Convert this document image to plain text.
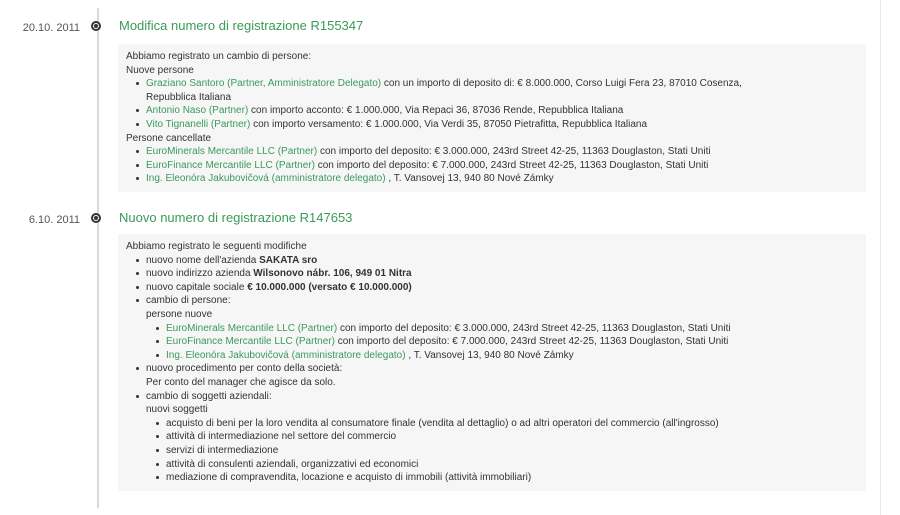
20.10. 2011	Modifica numero di registrazione R155347

Abbiamo registrato un cambio di persone:

Nuove persone

Graziano Santoro (Partner, Amministratore Delegato) con un importo di deposito di: € 8.000.000, Corso Luigi Fera 23, 87010 Cosenza,
Repubblica Italiana
Antonio Naso (Partner) con importo acconto: € 1.000.000, Via Repaci 36, 87036 Rende, Repubblica Italiana
Vito Tignanelli (Partner) con importo versamento: € 1.000.000, Via Verdi 35, 87050 Pietrafitta, Repubblica Italiana

Persone cancellate

EuroMinerals Mercantile LLC (Partner) con importo del deposito: € 3.000.000, 243rd Street 42-25, 11363 Douglaston, Stati Uniti
EuroFinance Mercantile LLC (Partner) con importo del deposito: € 7.000.000, 243rd Street 42-25, 11363 Douglaston, Stati Uniti
Ing. Eleonóra Jakubovičová (amministratore delegato) , T. Vansovej 13, 940 80 Nové Zámky
6.10. 2011	Nuovo numero di registrazione R147653

Abbiamo registrato le seguenti modifiche

nuovo nome dell'azienda SAKATA sro
nuovo indirizzo azienda Wilsonovo nábr. 106, 949 01 Nitra
nuovo capitale sociale € 10.000.000 (versato € 10.000.000)
cambio di persone:
persone nuove
EuroMinerals Mercantile LLC (Partner) con importo del deposito: € 3.000.000, 243rd Street 42-25, 11363 Douglaston, Stati Uniti
EuroFinance Mercantile LLC (Partner) con importo del deposito: € 7.000.000, 243rd Street 42-25, 11363 Douglaston, Stati Uniti
Ing. Eleonóra Jakubovičová (amministratore delegato) , T. Vansovej 13, 940 80 Nové Zámky
nuovo procedimento per conto della società:
Per conto del manager che agisce da solo.
cambio di soggetti aziendali:
nuovi soggetti
acquisto di beni per la loro vendita al consumatore finale (vendita al dettaglio) o ad altri operatori del commercio (all'ingrosso)
attività di intermediazione nel settore del commercio
servizi di intermediazione
attività di consulenti aziendali, organizzativi ed economici
mediazione di compravendita, locazione e acquisto di immobili (attività immobiliari)
